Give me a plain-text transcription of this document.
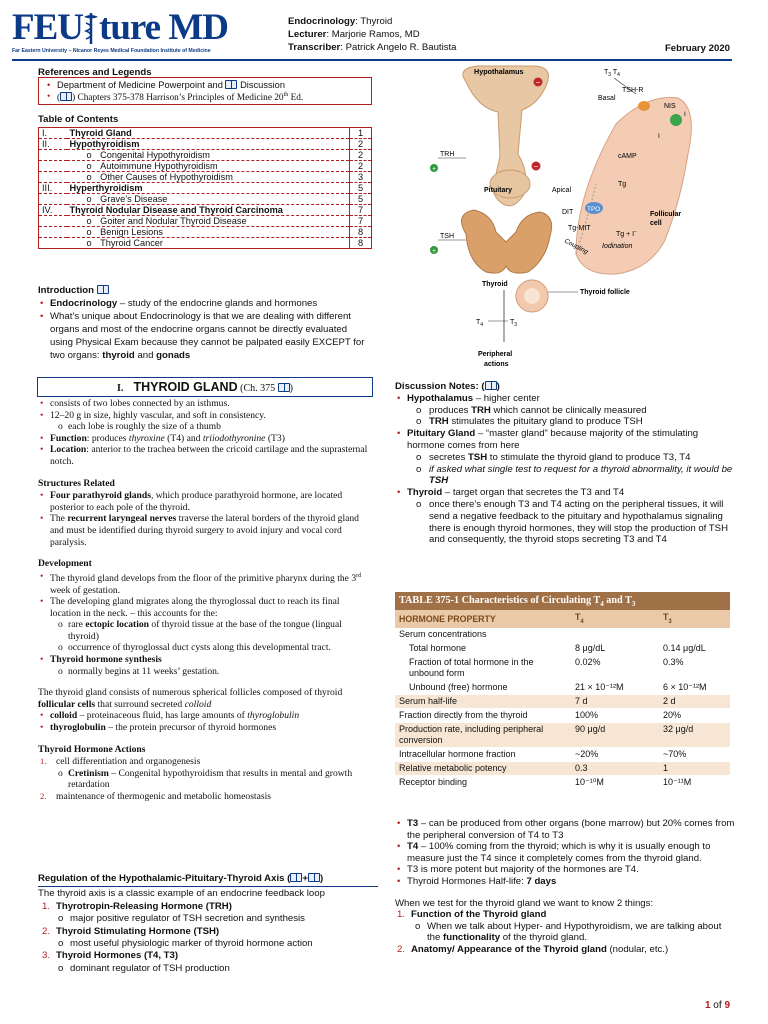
FEU ture MD
Far Eastern University – Nicanor Reyes Medical Foundation Institute of Medicine
Endocrinology: Thyroid
Lecturer: Marjorie Ramos, MD
Transcriber: Patrick Angelo R. Bautista	February 2020
References and Legends
• Department of Medicine Powerpoint and Discussion
• ( ) Chapters 375-378 Harrison’s Principles of Medicine 20th Ed.
Table of Contents
I.	Thyroid Gland	1
II.	Hypothyroidism	2
	o Congenital Hypothyroidism	2
	o Autoimmune Hypothyroidism	2
	o Other Causes of Hypothyroidism	3
III.	Hyperthyroidism	5
	o Grave’s Disease	5
IV.	Thyroid Nodular Disease and Thyroid Carcinoma	7
	o Goiter and Nodular Thyroid Disease	7
	o Benign Lesions	8
	o Thyroid Cancer	8
Introduction
• Endocrinology – study of the endocrine glands and hormones
• What’s unique about Endocrinology is that we are dealing with different organs and most of the endocrine organs cannot be directly evaluated using Physical Exam because they cannot be palpated easily EXCEPT for two organs: thyroid and gonads
Hypothalamus
TRH
+
−
−
Pituitary
TSH
+
Thyroid
$T_4$	$T_3$
Peripheral
actions
Thyroid follicle
$T_3$ $T_4$
TSH-R
Basal
NIS
I
I
cAMP
Tg
Apical
TPO
DIT
Tg-MIT
Tg + I−
Iodination
Coupling
Follicular
cell
I. THYROID GLAND (Ch. 375 )
• consists of two lobes connected by an isthmus.
• 12–20 g in size, highly vascular, and soft in consistency.
o each lobe is roughly the size of a thumb
• Function: produces thyroxine (T4) and triiodothyronine (T3)
• Location: anterior to the trachea between the cricoid cartilage and the suprasternal notch.
Structures Related
• Four parathyroid glands, which produce parathyroid hormone, are located posterior to each pole of the thyroid.
• The recurrent laryngeal nerves traverse the lateral borders of the thyroid gland and must be identified during thyroid surgery to avoid injury and vocal cord paralysis.
Development
• The thyroid gland develops from the floor of the primitive pharynx during the 3rd week of gestation.
• The developing gland migrates along the thyroglossal duct to reach its final location in the neck. – this accounts for the:
o rare ectopic location of thyroid tissue at the base of the tongue (lingual thyroid)
o occurrence of thyroglossal duct cysts along this developmental tract.
• Thyroid hormone synthesis
o normally begins at 11 weeks’ gestation.
The thyroid gland consists of numerous spherical follicles composed of thyroid follicular cells that surround secreted colloid
• colloid – proteinaceous fluid, has large amounts of thyroglobulin
• thyroglobulin – the protein precursor of thyroid hormones
Thyroid Hormone Actions
1. cell differentiation and organogenesis
o Cretinism – Congenital hypothyroidism that results in mental and growth retardation
2. maintenance of thermogenic and metabolic homeostasis
Regulation of the Hypothalamic-Pituitary-Thyroid Axis ( + )
The thyroid axis is a classic example of an endocrine feedback loop
1. Thyrotropin-Releasing Hormone (TRH)
o major positive regulator of TSH secretion and synthesis
2. Thyroid Stimulating Hormone (TSH)
o most useful physiologic marker of thyroid hormone action
3. Thyroid Hormones (T4, T3)
o dominant regulator of TSH production
Discussion Notes: ( )
• Hypothalamus – higher center
o produces TRH which cannot be clinically measured
o TRH stimulates the pituitary gland to produce TSH
• Pituitary Gland – “master gland” because majority of the stimulating hormone comes from here
o secretes TSH to stimulate the thyroid gland to produce T3, T4
o if asked what single test to request for a thyroid abnormality, it would be TSH
• Thyroid – target organ that secretes the T3 and T4
o once there’s enough T3 and T4 acting on the peripheral tissues, it will send a negative feedback to the pituitary and hypothalamus signaling there is enough thyroid hormones, they will stop the production of TSH and consequently, the thyroid stops secreting T3 and T4
TABLE 375-1 Characteristics of Circulating $T_4$ and $T_3$
HORMONE PROPERTY	$T_4$	$T_3$
Serum concentrations		
Total hormone	8 μg/dL	0.14 μg/dL
Fraction of total hormone in the unbound form	0.02%	0.3%
Unbound (free) hormone	21 × 10⁻¹²M	6 × 10⁻¹²M
Serum half-life	7 d	2 d
Fraction directly from the thyroid	100%	20%
Production rate, including peripheral conversion	90 μg/d	32 μg/d
Intracellular hormone fraction	~20%	~70%
Relative metabolic potency	0.3	1
Receptor binding	10⁻¹⁰M	10⁻¹¹M
• T3 – can be produced from other organs (bone marrow) but 20% comes from the peripheral conversion of T4 to T3
• T4 – 100% coming from the thyroid; which is why it is usually enough to measure just the T4 since it completely comes from the thyroid gland.
• T3 is more potent but majority of the hormones are T4.
• Thyroid Hormones Half-life: 7 days
When we test for the thyroid gland we want to know 2 things:
1. Function of the Thyroid gland
o When we talk about Hyper- and Hypothyroidism, we are talking about the functionality of the thyroid gland.
2. Anatomy/ Appearance of the Thyroid gland (nodular, etc.)
1 of 9
